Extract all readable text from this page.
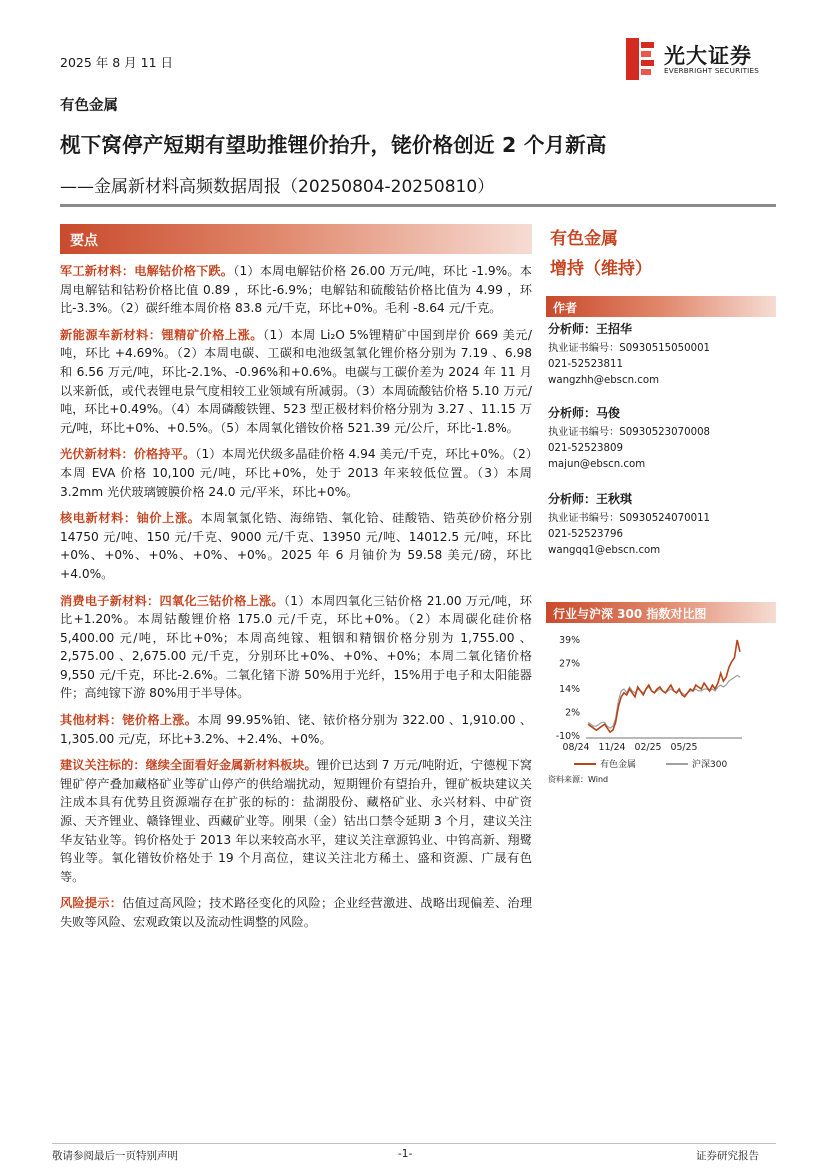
2025 年 8 月 11 日	光大证券
EVERBRIGHT SECURITIES
有色金属
枧下窝停产短期有望助推锂价抬升，铑价格创近 2 个月新高
——金属新材料高频数据周报（20250804-20250810）
要点

军工新材料：电解钴价格下跌。（1）本周电解钴价格 26.00 万元/吨，环比 -1.9%。本周电解钴和钴粉价格比值 0.89 ，环比-6.9%；电解钴和硫酸钴价格比值为 4.99 ，环比-3.3%。（2）碳纤维本周价格 83.8 元/千克，环比+0%。毛利 -8.64 元/千克。

新能源车新材料：锂精矿价格上涨。（1）本周 Li₂O 5%锂精矿中国到岸价 669 美元/吨，环比 +4.69%。（2）本周电碳、工碳和电池级氢氧化锂价格分别为 7.19 、6.98 和 6.56 万元/吨，环比-2.1%、-0.96%和+0.6%。电碳与工碳价差为 2024 年 11 月以来新低，或代表锂电景气度相较工业领域有所减弱。（3）本周硫酸钴价格 5.10 万元/吨，环比+0.49%。（4）本周磷酸铁锂、523 型正极材料价格分别为 3.27 、11.15 万元/吨，环比+0%、+0.5%。（5）本周氧化镨钕价格 521.39 元/公斤，环比-1.8%。

光伏新材料：价格持平。（1）本周光伏级多晶硅价格 4.94 美元/千克，环比+0%。（2）本周 EVA 价格 10,100 元/吨，环比+0%，处于 2013 年来较低位置。（3）本周 3.2mm 光伏玻璃镀膜价格 24.0 元/平米，环比+0%。

核电新材料：铀价上涨。本周氧氯化锆、海绵锆、氧化铪、硅酸锆、锆英砂价格分别 14750 元/吨、150 元/千克、9000 元/千克、13950 元/吨、14012.5 元/吨，环比+0%、+0%、+0%、+0%、+0%。2025 年 6 月铀价为 59.58 美元/磅，环比+4.0%。

消费电子新材料：四氧化三钴价格上涨。（1）本周四氧化三钴价格 21.00 万元/吨，环比+1.20%。本周钴酸锂价格 175.0 元/千克，环比+0%。（2）本周碳化硅价格 5,400.00 元/吨，环比+0%；本周高纯镓、粗铟和精铟价格分别为 1,755.00 、2,575.00 、2,675.00 元/千克，分别环比+0%、+0%、+0%；本周二氧化锗价格 9,550 元/千克，环比-2.6%。二氧化锗下游 50%用于光纤，15%用于电子和太阳能器件；高纯镓下游 80%用于半导体。

其他材料：铑价格上涨。本周 99.95%铂、铑、铱价格分别为 322.00 、1,910.00 、1,305.00 元/克，环比+3.2%、+2.4%、+0%。

建议关注标的：继续全面看好金属新材料板块。锂价已达到 7 万元/吨附近，宁德枧下窝锂矿停产叠加藏格矿业等矿山停产的供给端扰动，短期锂价有望抬升，锂矿板块建议关注成本具有优势且资源端存在扩张的标的：盐湖股份、藏格矿业、永兴材料、中矿资源、天齐锂业、赣锋锂业、西藏矿业等。刚果（金）钴出口禁令延期 3 个月，建议关注华友钴业等。钨价格处于 2013 年以来较高水平，建议关注章源钨业、中钨高新、翔鹭钨业等。氧化镨钕价格处于 19 个月高位，建议关注北方稀土、盛和资源、广晟有色等。

风险提示：估值过高风险；技术路径变化的风险；企业经营激进、战略出现偏差、治理失败等风险、宏观政策以及流动性调整的风险。

有色金属
增持（维持）
作者
分析师：王招华
执业证书编号：S0930515050001
021-52523811
wangzhh@ebscn.com
分析师：马俊
执业证书编号：S0930523070008
021-52523809
majun@ebscn.com
分析师：王秋琪
执业证书编号：S0930524070011
021-52523796
wangqq1@ebscn.com
行业与沪深 300 指数对比图
39%
27%
14%
2%
-10%
08/24 11/24 02/25 05/25
有色金属	沪深300
资料来源：Wind
敬请参阅最后一页特别声明	-1-	证券研究报告
